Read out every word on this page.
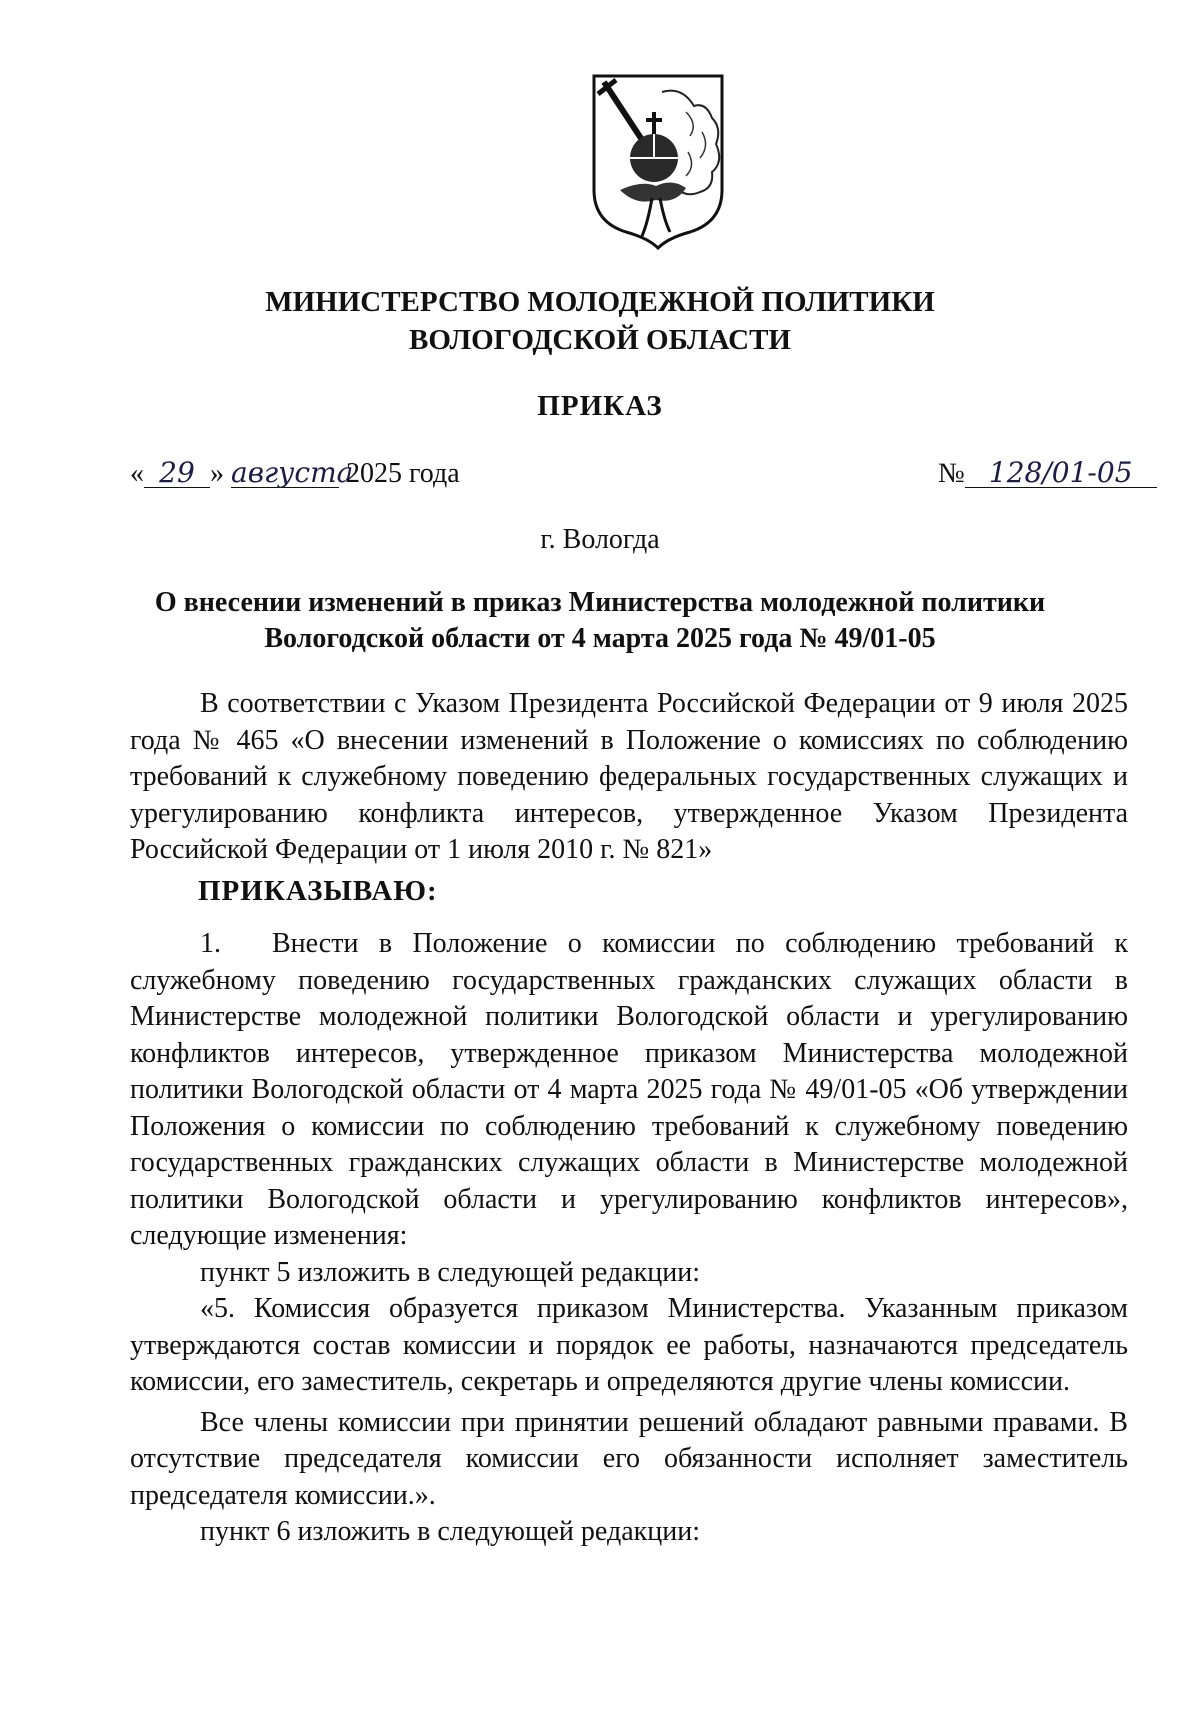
МИНИСТЕРСТВО МОЛОДЕЖНОЙ ПОЛИТИКИ
ВОЛОГОДСКОЙ ОБЛАСТИ
ПРИКАЗ
« 29 » августа 2025 года	№ 128/01-05
г. Вологда
О внесении изменений в приказ Министерства молодежной политики
Вологодской области от 4 марта 2025 года № 49/01-05
В соответствии с Указом Президента Российской Федерации от 9 июля 2025
года № 465 «О внесении изменений в Положение о комиссиях по соблюдению
требований к служебному поведению федеральных государственных служащих и
урегулированию конфликта интересов, утвержденное Указом Президента
Российской Федерации от 1 июля 2010 г. № 821»
ПРИКАЗЫВАЮ:
1. Внести в Положение о комиссии по соблюдению требований к
служебному поведению государственных гражданских служащих области в
Министерстве молодежной политики Вологодской области и урегулированию
конфликтов интересов, утвержденное приказом Министерства молодежной
политики Вологодской области от 4 марта 2025 года № 49/01-05 «Об утверждении
Положения о комиссии по соблюдению требований к служебному поведению
государственных гражданских служащих области в Министерстве молодежной
политики Вологодской области и урегулированию конфликтов интересов»,
следующие изменения:
пункт 5 изложить в следующей редакции:
«5. Комиссия образуется приказом Министерства. Указанным приказом
утверждаются состав комиссии и порядок ее работы, назначаются председатель
комиссии, его заместитель, секретарь и определяются другие члены комиссии.
Все члены комиссии при принятии решений обладают равными правами. В
отсутствие председателя комиссии его обязанности исполняет заместитель
председателя комиссии.».
пункт 6 изложить в следующей редакции:
